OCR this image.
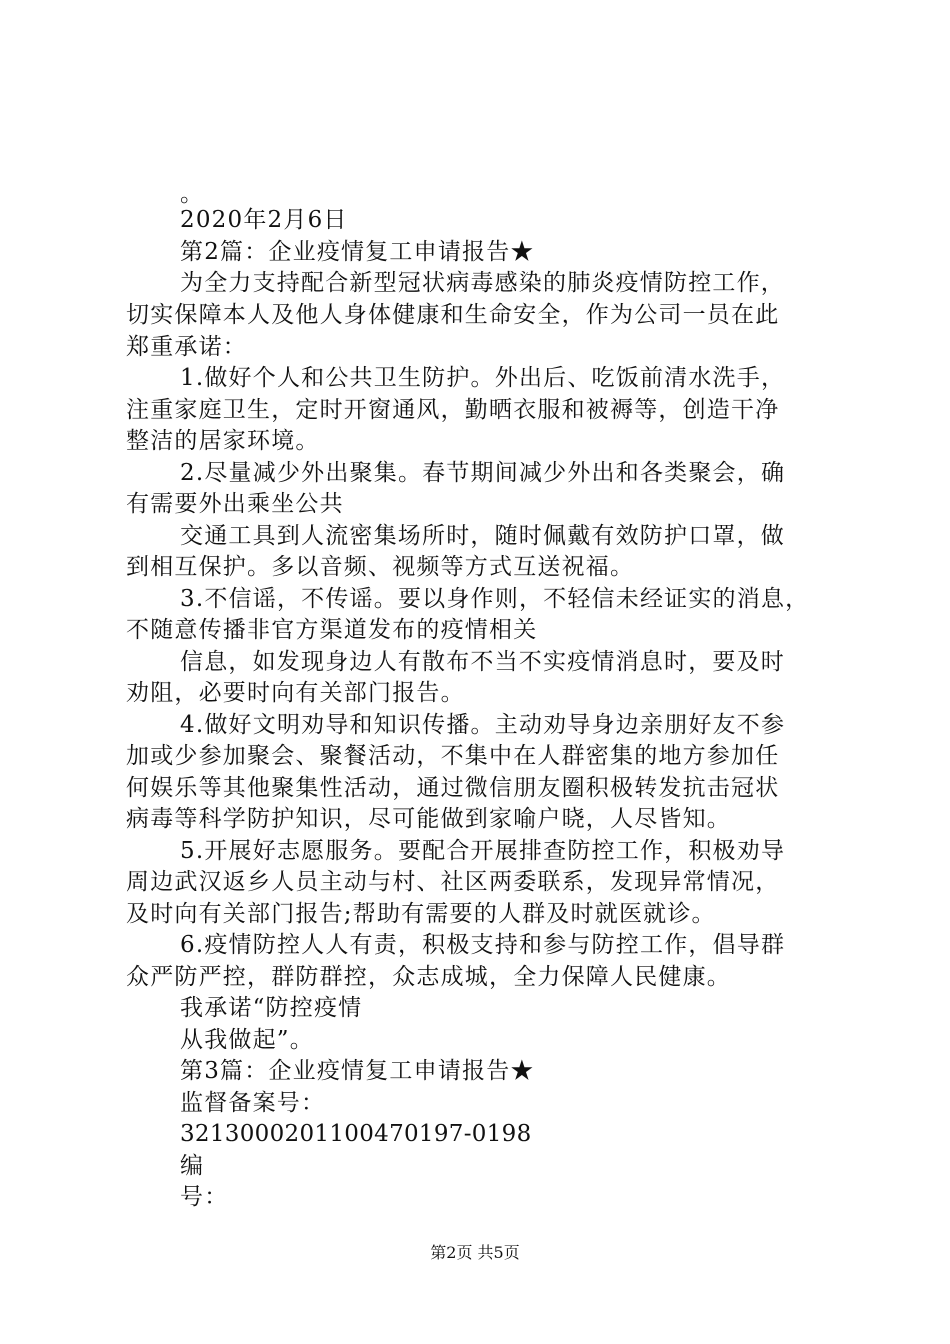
。
2020年2月6日
第2篇：企业疫情复工申请报告★
为全力支持配合新型冠状病毒感染的肺炎疫情防控工作，
切实保障本人及他人身体健康和生命安全，作为公司一员在此
郑重承诺：
1.做好个人和公共卫生防护。外出后、吃饭前清水洗手，
注重家庭卫生，定时开窗通风，勤晒衣服和被褥等，创造干净
整洁的居家环境。
2.尽量减少外出聚集。春节期间减少外出和各类聚会，确
有需要外出乘坐公共
交通工具到人流密集场所时，随时佩戴有效防护口罩，做
到相互保护。多以音频、视频等方式互送祝福。
3.不信谣，不传谣。要以身作则，不轻信未经证实的消息，
不随意传播非官方渠道发布的疫情相关
信息，如发现身边人有散布不当不实疫情消息时，要及时
劝阻，必要时向有关部门报告。
4.做好文明劝导和知识传播。主动劝导身边亲朋好友不参
加或少参加聚会、聚餐活动，不集中在人群密集的地方参加任
何娱乐等其他聚集性活动，通过微信朋友圈积极转发抗击冠状
病毒等科学防护知识，尽可能做到家喻户晓，人尽皆知。
5.开展好志愿服务。要配合开展排查防控工作，积极劝导
周边武汉返乡人员主动与村、社区两委联系，发现异常情况，
及时向有关部门报告;帮助有需要的人群及时就医就诊。
6.疫情防控人人有责，积极支持和参与防控工作，倡导群
众严防严控，群防群控，众志成城，全力保障人民健康。
我承诺“防控疫情
从我做起”。
第3篇：企业疫情复工申请报告★
监督备案号：
3213000201100470197-0198
编
号：
第2页 共5页
